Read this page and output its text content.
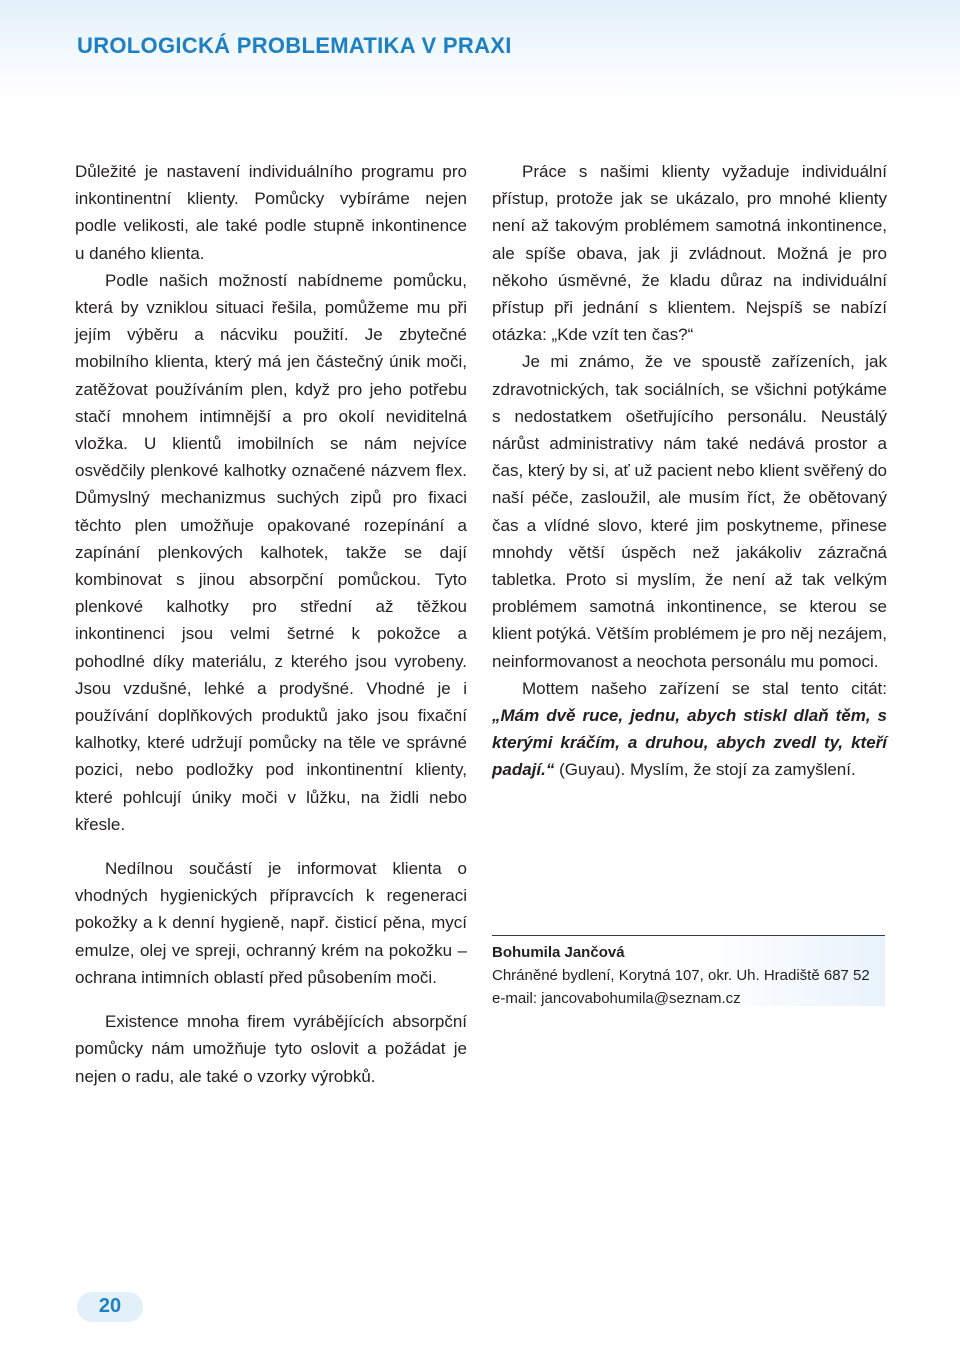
UROLOGICKÁ PROBLEMATIKA V PRAXI

Důležité je nastavení individuálního programu pro inkontinentní klienty. Pomůcky vybíráme nejen podle velikosti, ale také podle stupně inkontinence u daného klienta.

Podle našich možností nabídneme pomůcku, která by vzniklou situaci řešila, pomůžeme mu při jejím výběru a nácviku použití. Je zbytečné mobilního klienta, který má jen částečný únik moči, zatěžovat používáním plen, když pro jeho potřebu stačí mnohem intimnější a pro okolí neviditelná vložka. U klientů imobilních se nám nejvíce osvědčily plenkové kalhotky označené názvem flex. Důmyslný mechanizmus suchých zipů pro fixaci těchto plen umožňuje opakované rozepínání a zapínání plenkových kalhotek, takže se dají kombinovat s jinou absorpční pomůckou. Tyto plenkové kalhotky pro střední až těžkou inkontinenci jsou velmi šetrné k pokožce a pohodlné díky materiálu, z kterého jsou vyrobeny. Jsou vzdušné, lehké a prodyšné. Vhodné je i používání doplňkových produktů jako jsou fixační kalhotky, které udržují pomůcky na těle ve správné pozici, nebo podložky pod inkontinentní klienty, které pohlcují úniky moči v lůžku, na židli nebo křesle.

Nedílnou součástí je informovat klienta o vhodných hygienických přípravcích k regeneraci pokožky a k denní hygieně, např. čisticí pěna, mycí emulze, olej ve spreji, ochranný krém na pokožku – ochrana intimních oblastí před působením moči.

Existence mnoha firem vyrábějících absorpční pomůcky nám umožňuje tyto oslovit a požádat je nejen o radu, ale také o vzorky výrobků.

Práce s našimi klienty vyžaduje individuální přístup, protože jak se ukázalo, pro mnohé klienty není až takovým problémem samotná inkontinence, ale spíše obava, jak ji zvládnout. Možná je pro někoho úsměvné, že kladu důraz na individuální přístup při jednání s klientem. Nejspíš se nabízí otázka: „Kde vzít ten čas?“

Je mi známo, že ve spoustě zařízeních, jak zdravotnických, tak sociálních, se všichni potýkáme s nedostatkem ošetřujícího personálu. Neustálý nárůst administrativy nám také nedává prostor a čas, který by si, ať už pacient nebo klient svěřený do naší péče, zasloužil, ale musím říct, že obětovaný čas a vlídné slovo, které jim poskytneme, přinese mnohdy větší úspěch než jakákoliv zázračná tabletka. Proto si myslím, že není až tak velkým problémem samotná inkontinence, se kterou se klient potýká. Větším problémem je pro něj nezájem, neinformovanost a neochota personálu mu pomoci.

Mottem našeho zařízení se stal tento citát: „Mám dvě ruce, jednu, abych stiskl dlaň těm, s kterými kráčím, a druhou, abych zvedl ty, kteří padají.“ (Guyau). Myslím, že stojí za zamyšlení.

Bohumila Jančová
Chráněné bydlení, Korytná 107, okr. Uh. Hradiště 687 52
e-mail: jancovabohumila@seznam.cz
20
